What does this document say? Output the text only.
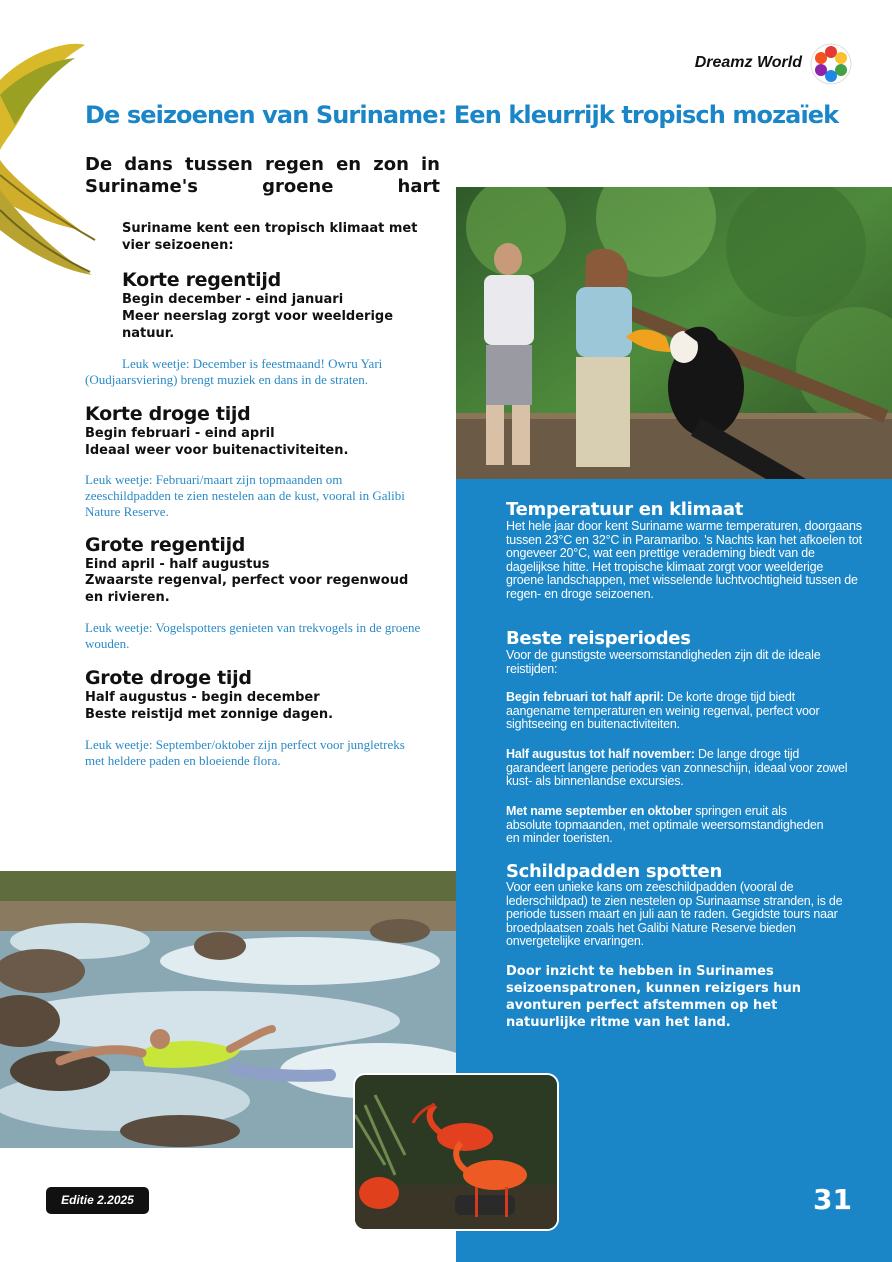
Dreamz World
De seizoenen van Suriname: Een kleurrijk tropisch mozaïek
De dans tussen regen en zon in Suriname's groene hart
Suriname kent een tropisch klimaat met vier seizoenen:
Korte regentijd
Begin december - eind januari
Meer neerslag zorgt voor weelderige natuur.
Leuk weetje: December is feestmaand! Owru Yari (Oudjaarsviering) brengt muziek en dans in de straten.
Korte droge tijd
Begin februari - eind april
Ideaal weer voor buitenactiviteiten.
Leuk weetje: Februari/maart zijn topmaanden om zeeschildpadden te zien nestelen aan de kust, vooral in Galibi Nature Reserve.
Grote regentijd
Eind april - half augustus
Zwaarste regenval, perfect voor regenwoud en rivieren.
Leuk weetje: Vogelspotters genieten van trekvogels in de groene wouden.
Grote droge tijd
Half augustus - begin december
Beste reistijd met zonnige dagen.
Leuk weetje: September/oktober zijn perfect voor jungletreks met heldere paden en bloeiende flora.
Temperatuur en klimaat
Het hele jaar door kent Suriname warme temperaturen, doorgaans tussen 23°C en 32°C in Paramaribo. 's Nachts kan het afkoelen tot ongeveer 20°C, wat een prettige verademing biedt van de dagelijkse hitte. Het tropische klimaat zorgt voor weelderige groene landschappen, met wisselende luchtvochtigheid tussen de regen- en droge seizoenen.
Beste reisperiodes
Voor de gunstigste weersomstandigheden zijn dit de ideale reistijden:
Begin februari tot half april: De korte droge tijd biedt aangename temperaturen en weinig regenval, perfect voor sightseeing en buitenactiviteiten.
Half augustus tot half november: De lange droge tijd garandeert langere periodes van zonneschijn, ideaal voor zowel kust- als binnenlandse excursies.
Met name september en oktober springen eruit als absolute topmaanden, met optimale weersomstandigheden en minder toeristen.
Schildpadden spotten
Voor een unieke kans om zeeschildpadden (vooral de lederschildpad) te zien nestelen op Surinaamse stranden, is de periode tussen maart en juli aan te raden. Gegidste tours naar broedplaatsen zoals het Galibi Nature Reserve bieden onvergetelijke ervaringen.
Door inzicht te hebben in Surinames seizoenspatronen, kunnen reizigers hun avonturen perfect afstemmen op het natuurlijke ritme van het land.
Editie 2.2025	31
